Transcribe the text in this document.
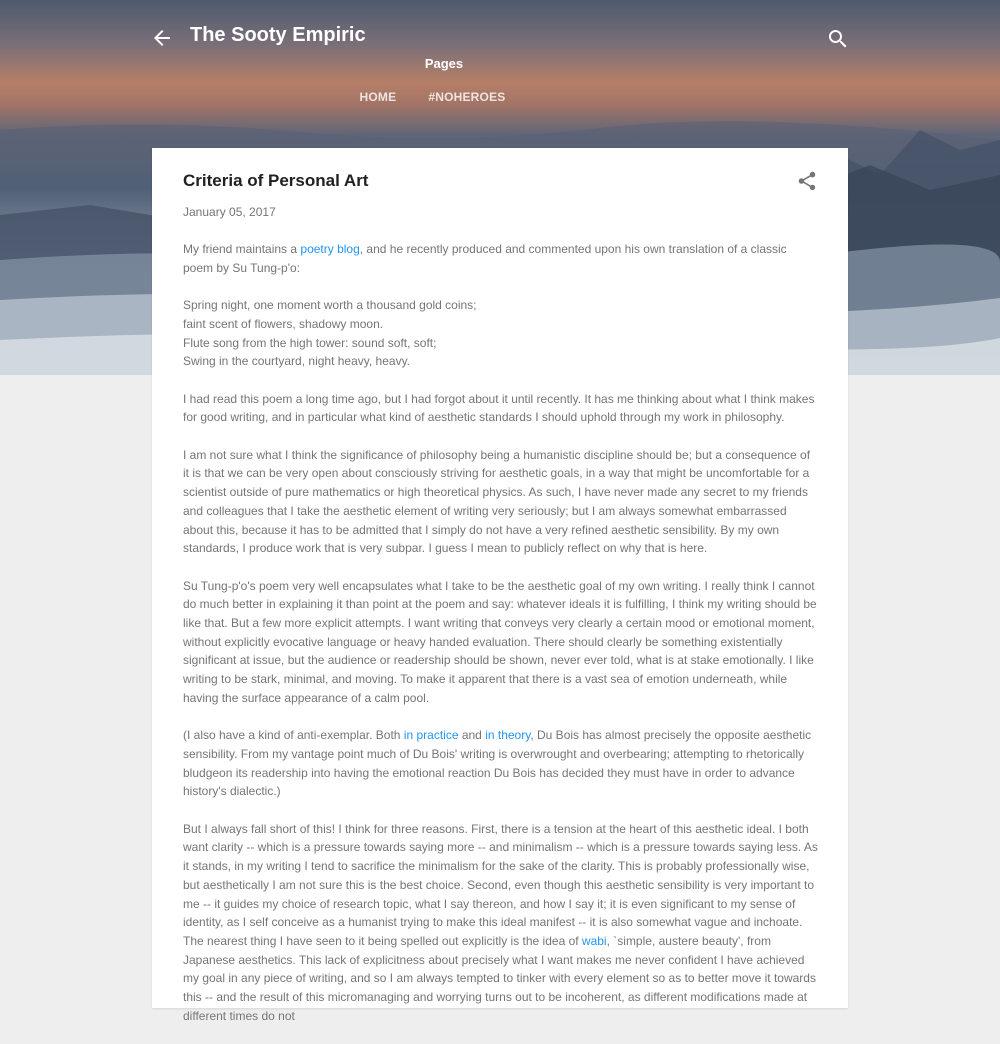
The Sooty Empiric
Pages
HOME	#NOHEROES
Criteria of Personal Art
January 05, 2017

My friend maintains a poetry blog, and he recently produced and commented upon his own translation of a classic poem by Su Tung-p'o:

Spring night, one moment worth a thousand gold coins;
faint scent of flowers, shadowy moon.
Flute song from the high tower: sound soft, soft;
Swing in the courtyard, night heavy, heavy.

I had read this poem a long time ago, but I had forgot about it until recently. It has me thinking about what I think makes for good writing, and in particular what kind of aesthetic standards I should uphold through my work in philosophy.

I am not sure what I think the significance of philosophy being a humanistic discipline should be; but a consequence of it is that we can be very open about consciously striving for aesthetic goals, in a way that might be uncomfortable for a scientist outside of pure mathematics or high theoretical physics. As such, I have never made any secret to my friends and colleagues that I take the aesthetic element of writing very seriously; but I am always somewhat embarrassed about this, because it has to be admitted that I simply do not have a very refined aesthetic sensibility. By my own standards, I produce work that is very subpar. I guess I mean to publicly reflect on why that is here.

Su Tung-p'o's poem very well encapsulates what I take to be the aesthetic goal of my own writing. I really think I cannot do much better in explaining it than point at the poem and say: whatever ideals it is fulfilling, I think my writing should be like that. But a few more explicit attempts. I want writing that conveys very clearly a certain mood or emotional moment, without explicitly evocative language or heavy handed evaluation. There should clearly be something existentially significant at issue, but the audience or readership should be shown, never ever told, what is at stake emotionally. I like writing to be stark, minimal, and moving. To make it apparent that there is a vast sea of emotion underneath, while having the surface appearance of a calm pool.

(I also have a kind of anti-exemplar. Both in practice and in theory, Du Bois has almost precisely the opposite aesthetic sensibility. From my vantage point much of Du Bois' writing is overwrought and overbearing; attempting to rhetorically bludgeon its readership into having the emotional reaction Du Bois has decided they must have in order to advance history's dialectic.)

But I always fall short of this! I think for three reasons. First, there is a tension at the heart of this aesthetic ideal. I both want clarity -- which is a pressure towards saying more -- and minimalism -- which is a pressure towards saying less. As it stands, in my writing I tend to sacrifice the minimalism for the sake of the clarity. This is probably professionally wise, but aesthetically I am not sure this is the best choice. Second, even though this aesthetic sensibility is very important to me -- it guides my choice of research topic, what I say thereon, and how I say it; it is even significant to my sense of identity, as I self conceive as a humanist trying to make this ideal manifest -- it is also somewhat vague and inchoate. The nearest thing I have seen to it being spelled out explicitly is the idea of wabi, `simple, austere beauty', from Japanese aesthetics. This lack of explicitness about precisely what I want makes me never confident I have achieved my goal in any piece of writing, and so I am always tempted to tinker with every element so as to better move it towards this -- and the result of this micromanaging and worrying turns out to be incoherent, as different modifications made at different times do not
